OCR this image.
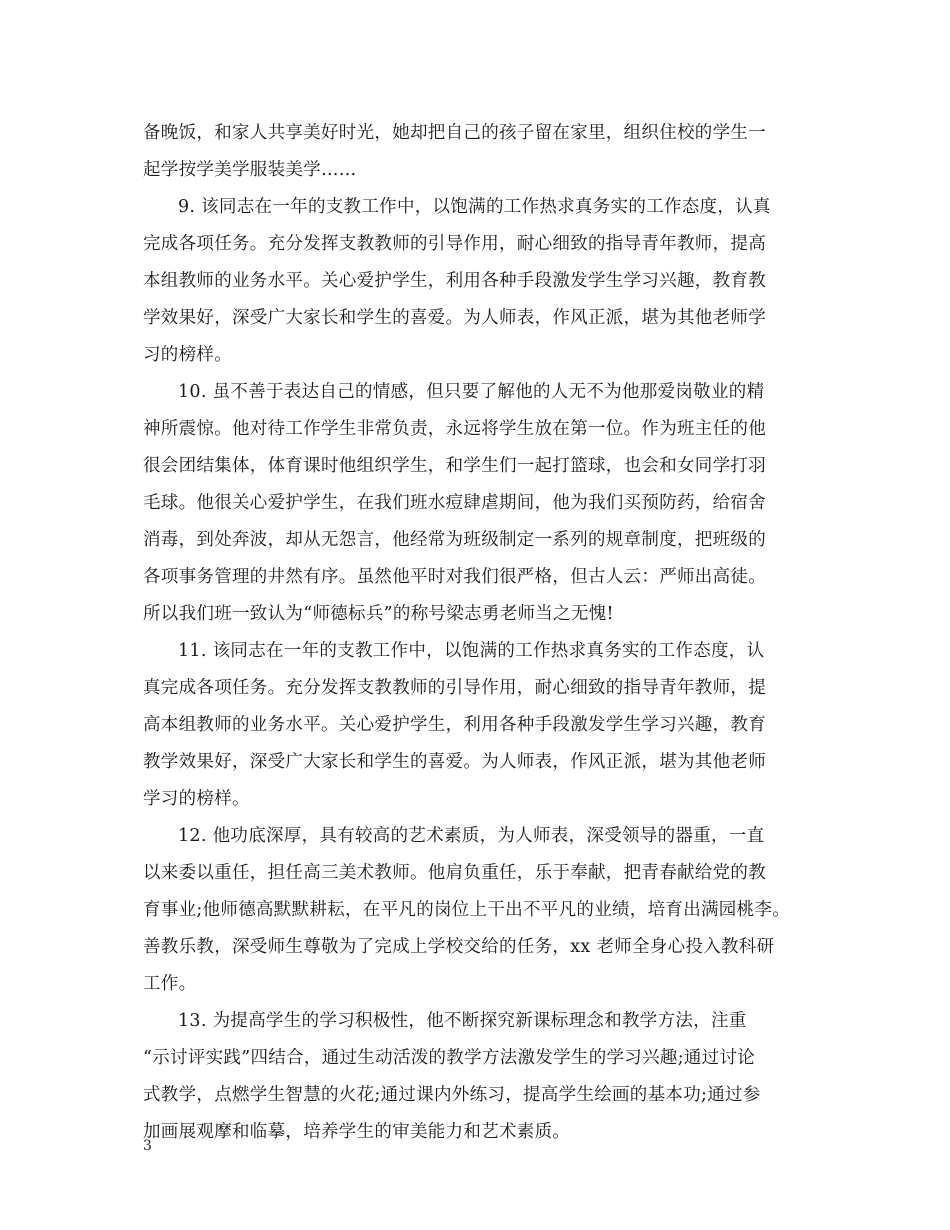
备晚饭，和家人共享美好时光，她却把自己的孩子留在家里，组织住校的学生一
起学按学美学服装美学……
9. 该同志在一年的支教工作中，以饱满的工作热求真务实的工作态度，认真
完成各项任务。充分发挥支教教师的引导作用，耐心细致的指导青年教师，提高
本组教师的业务水平。关心爱护学生，利用各种手段激发学生学习兴趣，教育教
学效果好，深受广大家长和学生的喜爱。为人师表，作风正派，堪为其他老师学
习的榜样。
10. 虽不善于表达自己的情感，但只要了解他的人无不为他那爱岗敬业的精
神所震惊。他对待工作学生非常负责，永远将学生放在第一位。作为班主任的他
很会团结集体，体育课时他组织学生，和学生们一起打篮球，也会和女同学打羽
毛球。他很关心爱护学生，在我们班水痘肆虐期间，他为我们买预防药，给宿舍
消毒，到处奔波，却从无怨言，他经常为班级制定一系列的规章制度，把班级的
各项事务管理的井然有序。虽然他平时对我们很严格，但古人云：严师出高徒。
所以我们班一致认为“师德标兵”的称号梁志勇老师当之无愧!
11. 该同志在一年的支教工作中，以饱满的工作热求真务实的工作态度，认
真完成各项任务。充分发挥支教教师的引导作用，耐心细致的指导青年教师，提
高本组教师的业务水平。关心爱护学生，利用各种手段激发学生学习兴趣，教育
教学效果好，深受广大家长和学生的喜爱。为人师表，作风正派，堪为其他老师
学习的榜样。
12. 他功底深厚，具有较高的艺术素质，为人师表，深受领导的器重，一直
以来委以重任，担任高三美术教师。他肩负重任，乐于奉献，把青春献给党的教
育事业;他师德高默默耕耘，在平凡的岗位上干出不平凡的业绩，培育出满园桃李。
善教乐教，深受师生尊敬为了完成上学校交给的任务，xx 老师全身心投入教科研
工作。
13. 为提高学生的学习积极性，他不断探究新课标理念和教学方法，注重
“示讨评实践”四结合，通过生动活泼的教学方法激发学生的学习兴趣;通过讨论
式教学，点燃学生智慧的火花;通过课内外练习，提高学生绘画的基本功;通过参
加画展观摩和临摹，培养学生的审美能力和艺术素质。
3
